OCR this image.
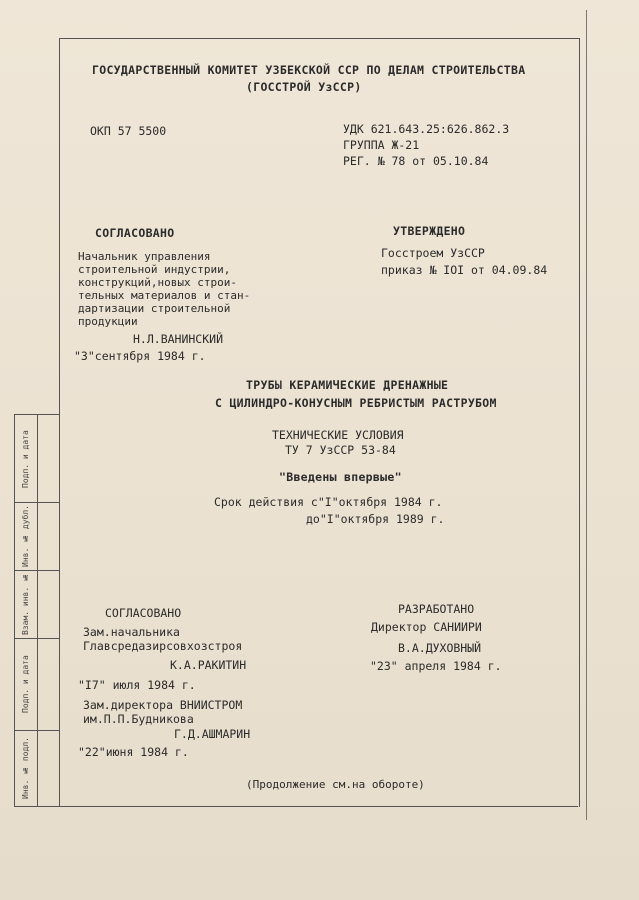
Подп. и дата
Инв. № дубл.
Взам. инв. №
Подп. и дата
Инв. № подл.
ГОСУДАРСТВЕННЫЙ КОМИТЕТ УЗБЕКСКОЙ ССР ПО ДЕЛАМ СТРОИТЕЛЬСТВА
(ГОССТРОЙ УзССР)
ОКП 57 5500	УДК 621.643.25:626.862.3
ГРУППА Ж-21
РЕГ. № 78 от 05.10.84
СОГЛАСОВАНО
Начальник управления
строительной индустрии,
конструкций,новых строи-
тельных материалов и стан-
дартизации строительной
продукции
Н.Л.ВАНИНСКИЙ
"3"сентября 1984 г.
УТВЕРЖДЕНО
Госстроем УзССР
приказ № IOI от 04.09.84
ТРУБЫ КЕРАМИЧЕСКИЕ ДРЕНАЖНЫЕ
С ЦИЛИНДРО-КОНУСНЫМ РЕБРИСТЫМ РАСТРУБОМ
ТЕХНИЧЕСКИЕ УСЛОВИЯ
ТУ 7 УзССР 53-84
"Введены впервые"
Срок действия с"I"октября 1984 г.
до"I"октября 1989 г.
СОГЛАСОВАНО
Зам.начальника
Главсредазирсовхозстроя
К.А.РАКИТИН
"I7" июля 1984 г.
Зам.директора ВНИИСТРОМ
им.П.П.Будникова
Г.Д.АШМАРИН
"22"июня 1984 г.
РАЗРАБОТАНО
Директор САНИИРИ
В.А.ДУХОВНЫЙ
"23" апреля 1984 г.
(Продолжение см.на обороте)
